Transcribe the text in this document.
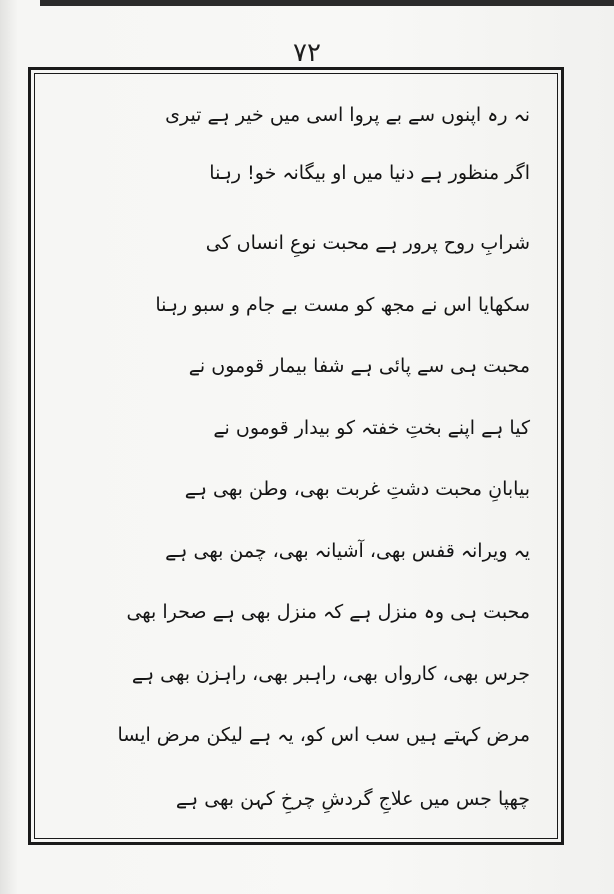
٧٢
نہ رہ اپنوں سے بے پروا اسی میں خیر ہے تیری
اگر منظور ہے دنیا میں او بیگانہ خو! رہنا
شرابِ روح پرور ہے محبت نوعِ انساں کی
سکھایا اس نے مجھ کو مست بے جام و سبو رہنا
محبت ہی سے پائی ہے شفا بیمار قوموں نے
کیا ہے اپنے بختِ خفتہ کو بیدار قوموں نے
بیابانِ محبت دشتِ غربت بھی، وطن بھی ہے
یہ ویرانہ قفس بھی، آشیانہ بھی، چمن بھی ہے
محبت ہی وہ منزل ہے کہ منزل بھی ہے صحرا بھی
جرس بھی، کارواں بھی، راہبر بھی، راہزن بھی ہے
مرض کہتے ہیں سب اس کو، یہ ہے لیکن مرض ایسا
چھپا جس میں علاجِ گردشِ چرخِ کہن بھی ہے
